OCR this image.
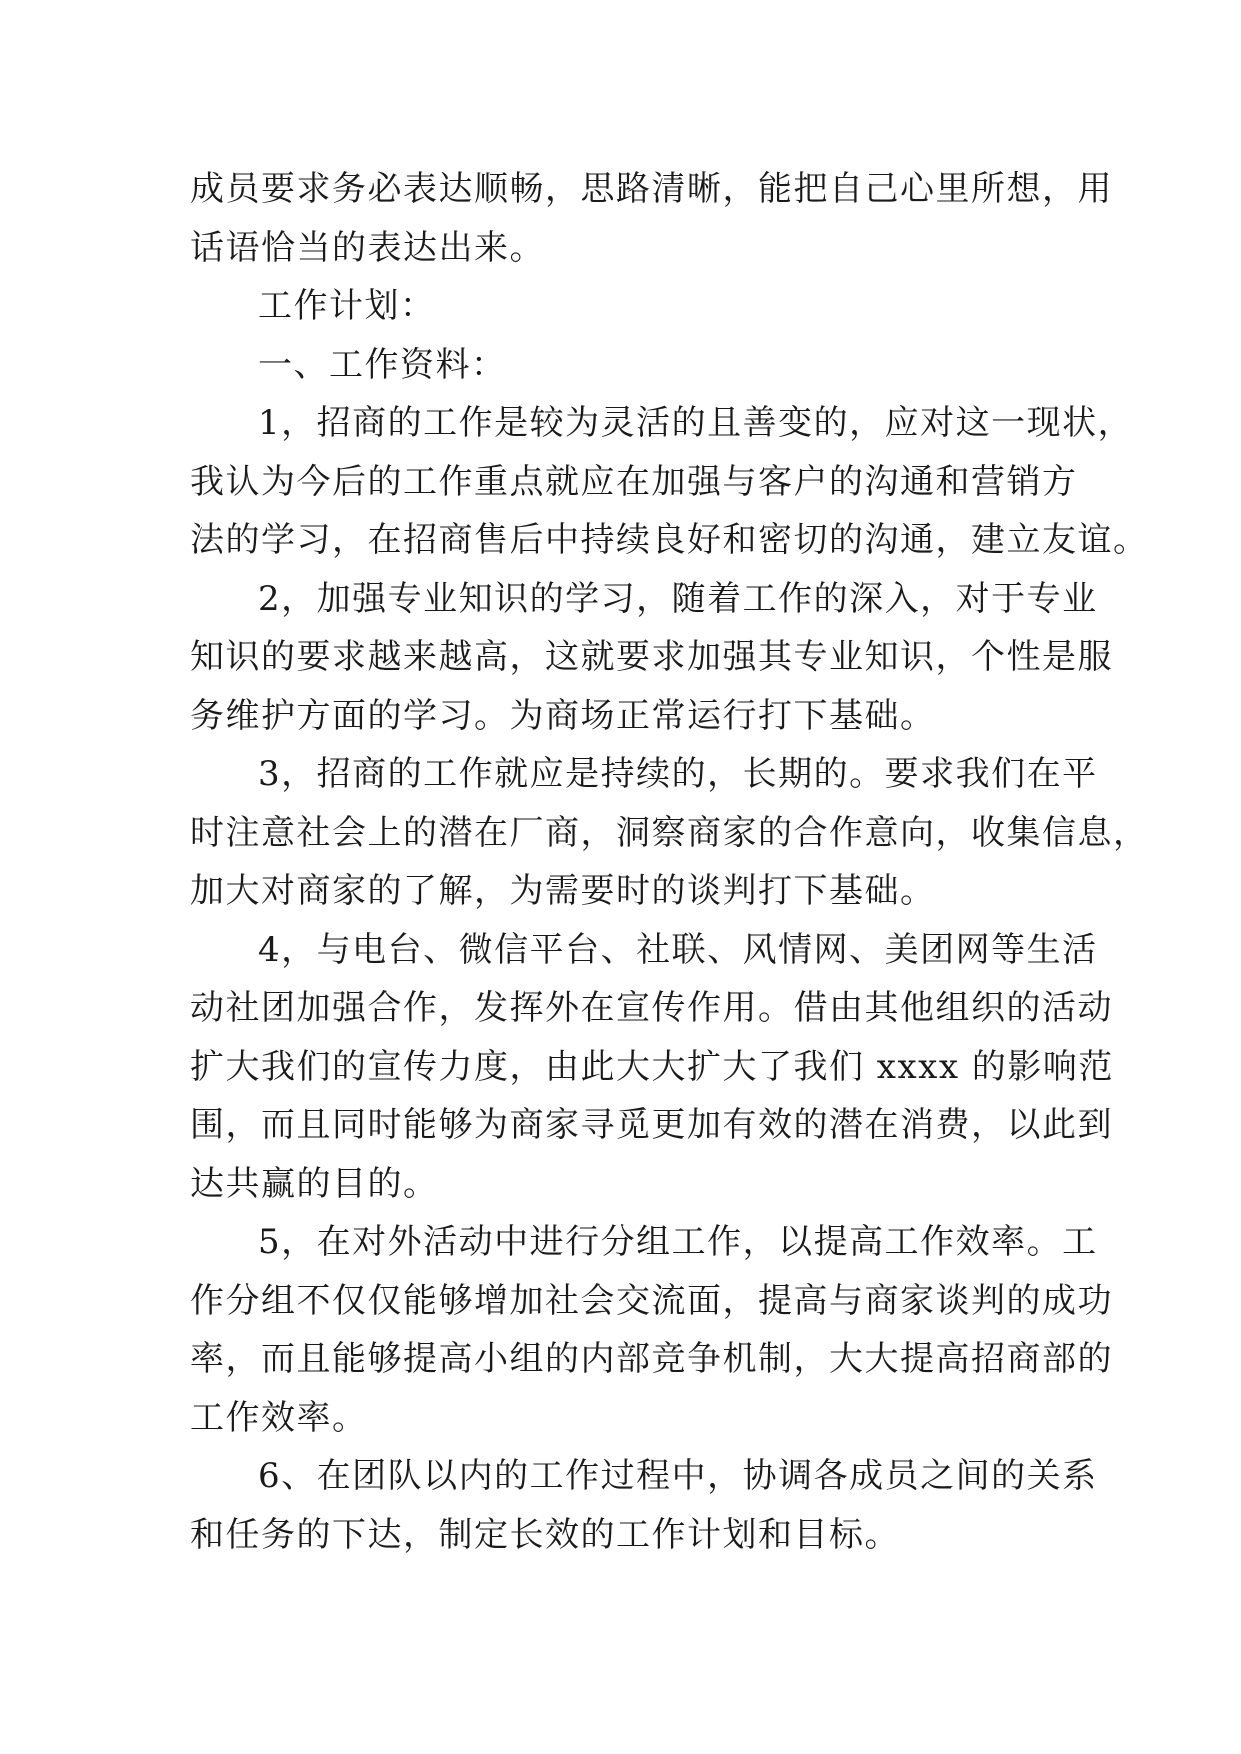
成员要求务必表达顺畅，思路清晰，能把自己心里所想，用
话语恰当的表达出来。
工作计划：
一、工作资料：
1，招商的工作是较为灵活的且善变的，应对这一现状，
我认为今后的工作重点就应在加强与客户的沟通和营销方
法的学习，在招商售后中持续良好和密切的沟通，建立友谊。
2，加强专业知识的学习，随着工作的深入，对于专业
知识的要求越来越高，这就要求加强其专业知识，个性是服
务维护方面的学习。为商场正常运行打下基础。
3，招商的工作就应是持续的，长期的。要求我们在平
时注意社会上的潜在厂商，洞察商家的合作意向，收集信息，
加大对商家的了解，为需要时的谈判打下基础。
4，与电台、微信平台、社联、风情网、美团网等生活
动社团加强合作，发挥外在宣传作用。借由其他组织的活动
扩大我们的宣传力度，由此大大扩大了我们 xxxx 的影响范
围，而且同时能够为商家寻觅更加有效的潜在消费，以此到
达共赢的目的。
5，在对外活动中进行分组工作，以提高工作效率。工
作分组不仅仅能够增加社会交流面，提高与商家谈判的成功
率，而且能够提高小组的内部竞争机制，大大提高招商部的
工作效率。
6、在团队以内的工作过程中，协调各成员之间的关系
和任务的下达，制定长效的工作计划和目标。
